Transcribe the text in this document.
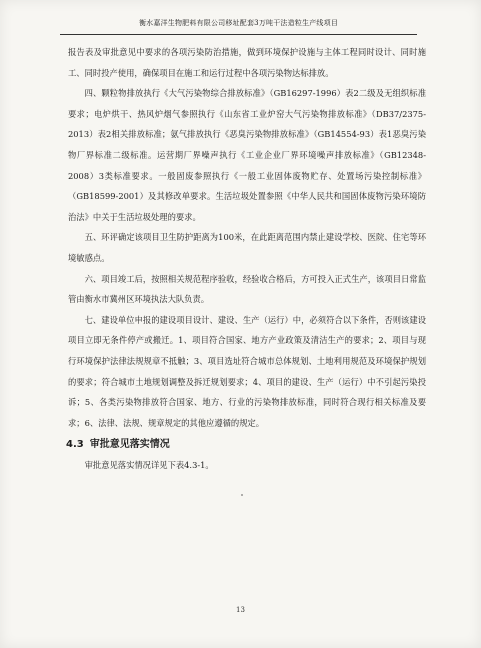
衡水嘉洋生物肥料有限公司移址配套3万吨干法造粒生产线项目

报告表及审批意见中要求的各项污染防治措施，做到环境保护设施与主体工程同时设计、同时施工、同时投产使用，确保项目在施工和运行过程中各项污染物达标排放。

四、颗粒物排放执行《大气污染物综合排放标准》（GB16297-1996）表2二级及无组织标准要求；电炉烘干、热风炉烟气参照执行《山东省工业炉窑大气污染物排放标准》（DB37/2375-2013）表2相关排放标准；氨气排放执行《恶臭污染物排放标准》（GB14554-93）表1恶臭污染物厂界标准二级标准。运营期厂界噪声执行《工业企业厂界环境噪声排放标准》（GB12348-2008）3类标准要求。一般固废参照执行《一般工业固体废物贮存、处置场污染控制标准》（GB18599-2001）及其修改单要求。生活垃圾处置参照《中华人民共和国固体废物污染环境防治法》中关于生活垃圾处理的要求。

五、环评确定该项目卫生防护距离为100米，在此距离范围内禁止建设学校、医院、住宅等环境敏感点。

六、项目竣工后，按照相关规范程序验收，经验收合格后，方可投入正式生产，该项目日常监管由衡水市冀州区环境执法大队负责。

七、建设单位申报的建设项目设计、建设、生产（运行）中，必须符合以下条件，否则该建设项目立即无条件停产或搬迁。1、项目符合国家、地方产业政策及清洁生产的要求；2、项目与现行环境保护法律法规规章不抵触；3、项目选址符合城市总体规划、土地利用规范及环境保护规划的要求；符合城市土地规划调整及拆迁规划要求；4、项目的建设、生产（运行）中不引起污染投诉；5、各类污染物排放符合国家、地方、行业的污染物排放标准，同时符合现行相关标准及要求；6、法律、法规、规章规定的其他应遵循的规定。

4.3 审批意见落实情况

审批意见落实情况详见下表4.3-1。

13
